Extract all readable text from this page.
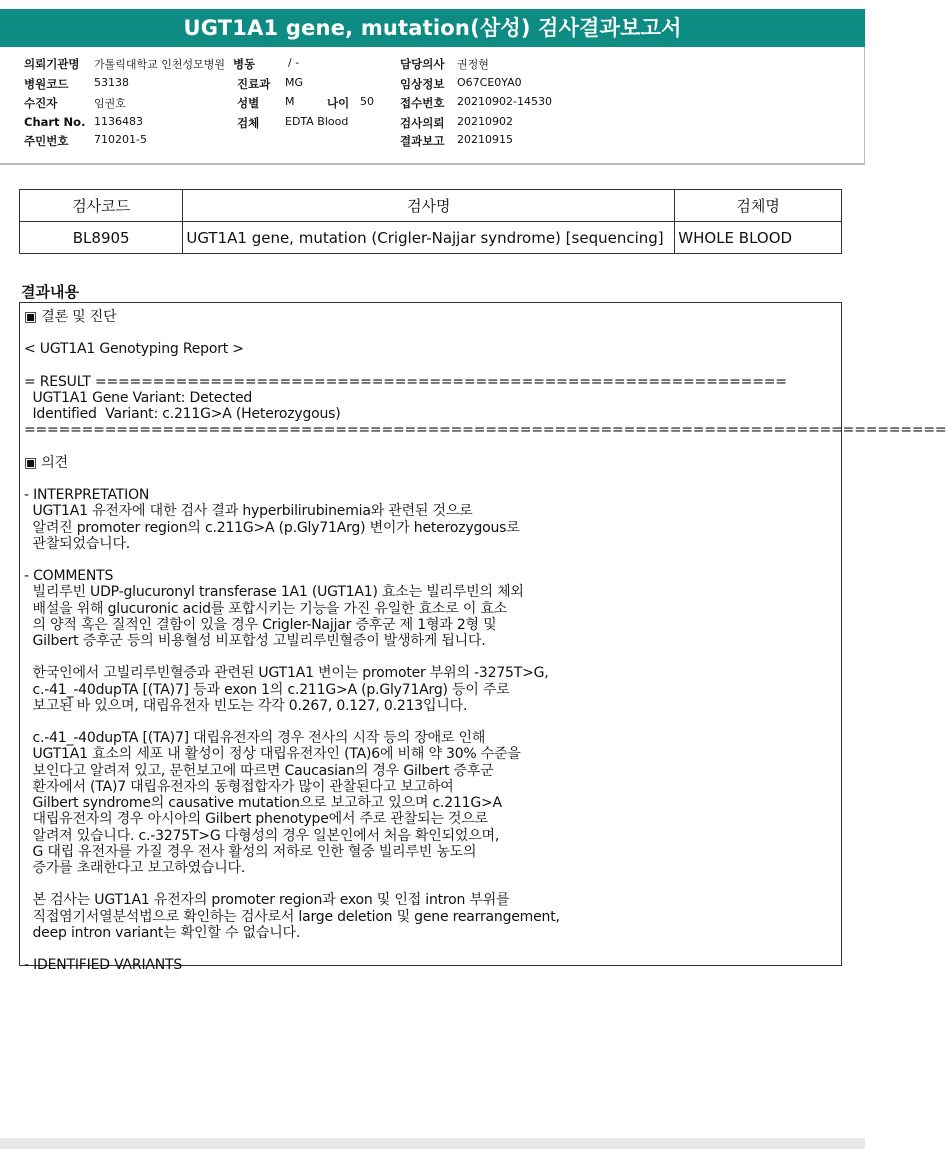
UGT1A1 gene, mutation(삼성) 검사결과보고서
의뢰기관명 가톨릭대학교 인천성모병원 병동	/ -	담당의사 권정현
병원코드 53138	진료과 MG	임상정보 O67CE0YA0
수진자	임권호	성별 M	나이 50 접수번호 20210902-14530
Chart No. 1136483	검체 EDTA Blood	검사의뢰 20210902
주민번호 710201-5	결과보고 20210915
검사코드	검사명	검체명
BL8905	UGT1A1 gene, mutation (Crigler-Najjar syndrome) [sequencing]	WHOLE BLOOD
결과내용
▣ 결론 및 진단

< UGT1A1 Genotyping Report >

= RESULT ============================================================
UGT1A1 Gene Variant: Detected
Identified  Variant: c.211G>A (Heterozygous)
================================================================================

▣ 의견

- INTERPRETATION
UGT1A1 유전자에 대한 검사 결과 hyperbilirubinemia와 관련된 것으로
알려진 promoter region의 c.211G>A (p.Gly71Arg) 변이가 heterozygous로
관찰되었습니다.

- COMMENTS
빌리루빈 UDP-glucuronyl transferase 1A1 (UGT1A1) 효소는 빌리루빈의 체외
배설을 위해 glucuronic acid를 포합시키는 기능을 가진 유일한 효소로 이 효소
의 양적 혹은 질적인 결함이 있을 경우 Crigler-Najjar 증후군 제 1형과 2형 및
Gilbert 증후군 등의 비용혈성 비포합성 고빌리루빈혈증이 발생하게 됩니다.

한국인에서 고빌리루빈혈증과 관련된 UGT1A1 변이는 promoter 부위의 -3275T>G,
c.-41_-40dupTA [(TA)7] 등과 exon 1의 c.211G>A (p.Gly71Arg) 등이 주로
보고된 바 있으며, 대립유전자 빈도는 각각 0.267, 0.127, 0.213입니다.

c.-41_-40dupTA [(TA)7] 대립유전자의 경우 전사의 시작 등의 장애로 인해
UGT1A1 효소의 세포 내 활성이 정상 대립유전자인 (TA)6에 비해 약 30% 수준을
보인다고 알려져 있고, 문헌보고에 따르면 Caucasian의 경우 Gilbert 증후군
환자에서 (TA)7 대립유전자의 동형접합자가 많이 관찰된다고 보고하여
Gilbert syndrome의 causative mutation으로 보고하고 있으며 c.211G>A
대립유전자의 경우 아시아의 Gilbert phenotype에서 주로 관찰되는 것으로
알려져 있습니다. c.-3275T>G 다형성의 경우 일본인에서 처음 확인되었으며,
G 대립 유전자를 가질 경우 전사 활성의 저하로 인한 혈중 빌리루빈 농도의
증가를 초래한다고 보고하였습니다.

본 검사는 UGT1A1 유전자의 promoter region과 exon 및 인접 intron 부위를
직접염기서열분석법으로 확인하는 검사로서 large deletion 및 gene rearrangement,
deep intron variant는 확인할 수 없습니다.

- IDENTIFIED VARIANTS
